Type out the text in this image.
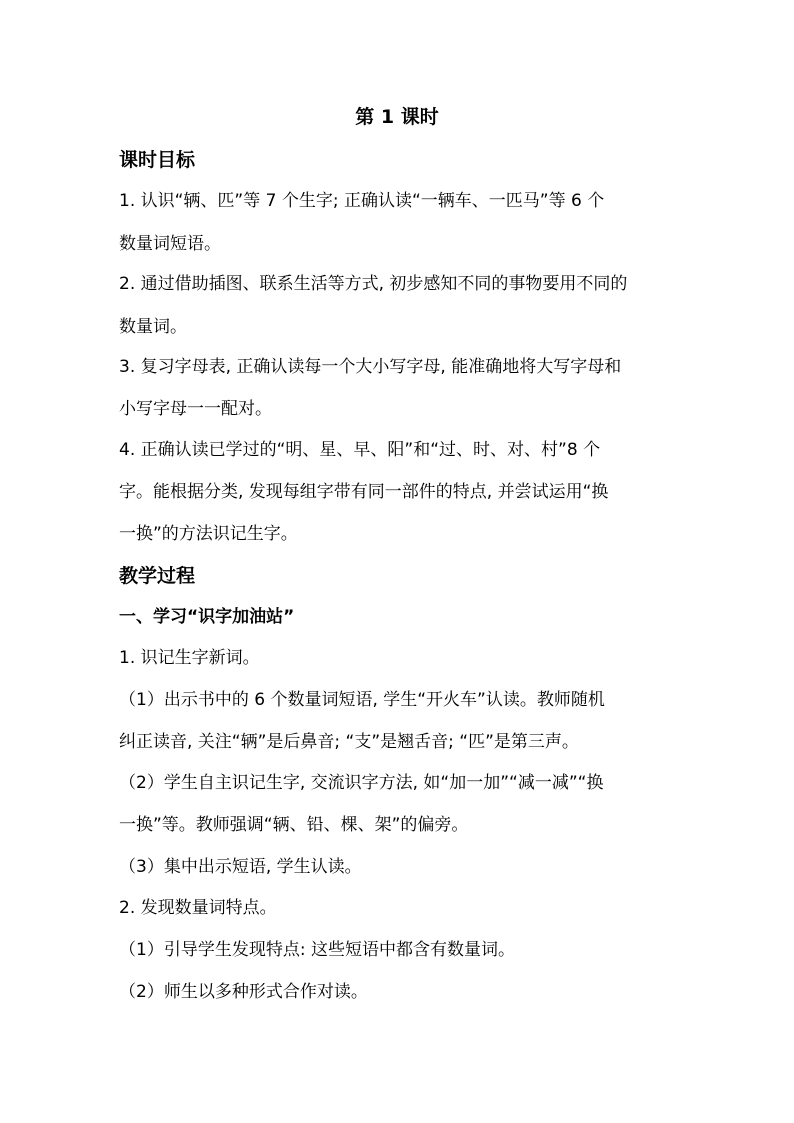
第 1 课时
课时目标
1. 认识“辆、匹”等 7 个生字; 正确认读“一辆车、一匹马”等 6 个
数量词短语。
2. 通过借助插图、联系生活等方式, 初步感知不同的事物要用不同的
数量词。
3. 复习字母表, 正确认读每一个大小写字母, 能准确地将大写字母和
小写字母一一配对。
4. 正确认读已学过的“明、星、早、阳”和“过、时、对、村”8 个
字。能根据分类, 发现每组字带有同一部件的特点, 并尝试运用“换
一换”的方法识记生字。
教学过程
一、学习“识字加油站”
1. 识记生字新词。
（1）出示书中的 6 个数量词短语, 学生“开火车”认读。教师随机
纠正读音, 关注“辆”是后鼻音; “支”是翘舌音; “匹”是第三声。
（2）学生自主识记生字, 交流识字方法, 如“加一加”“减一减”“换
一换”等。教师强调“辆、铅、棵、架”的偏旁。
（3）集中出示短语, 学生认读。
2. 发现数量词特点。
（1）引导学生发现特点: 这些短语中都含有数量词。
（2）师生以多种形式合作对读。
